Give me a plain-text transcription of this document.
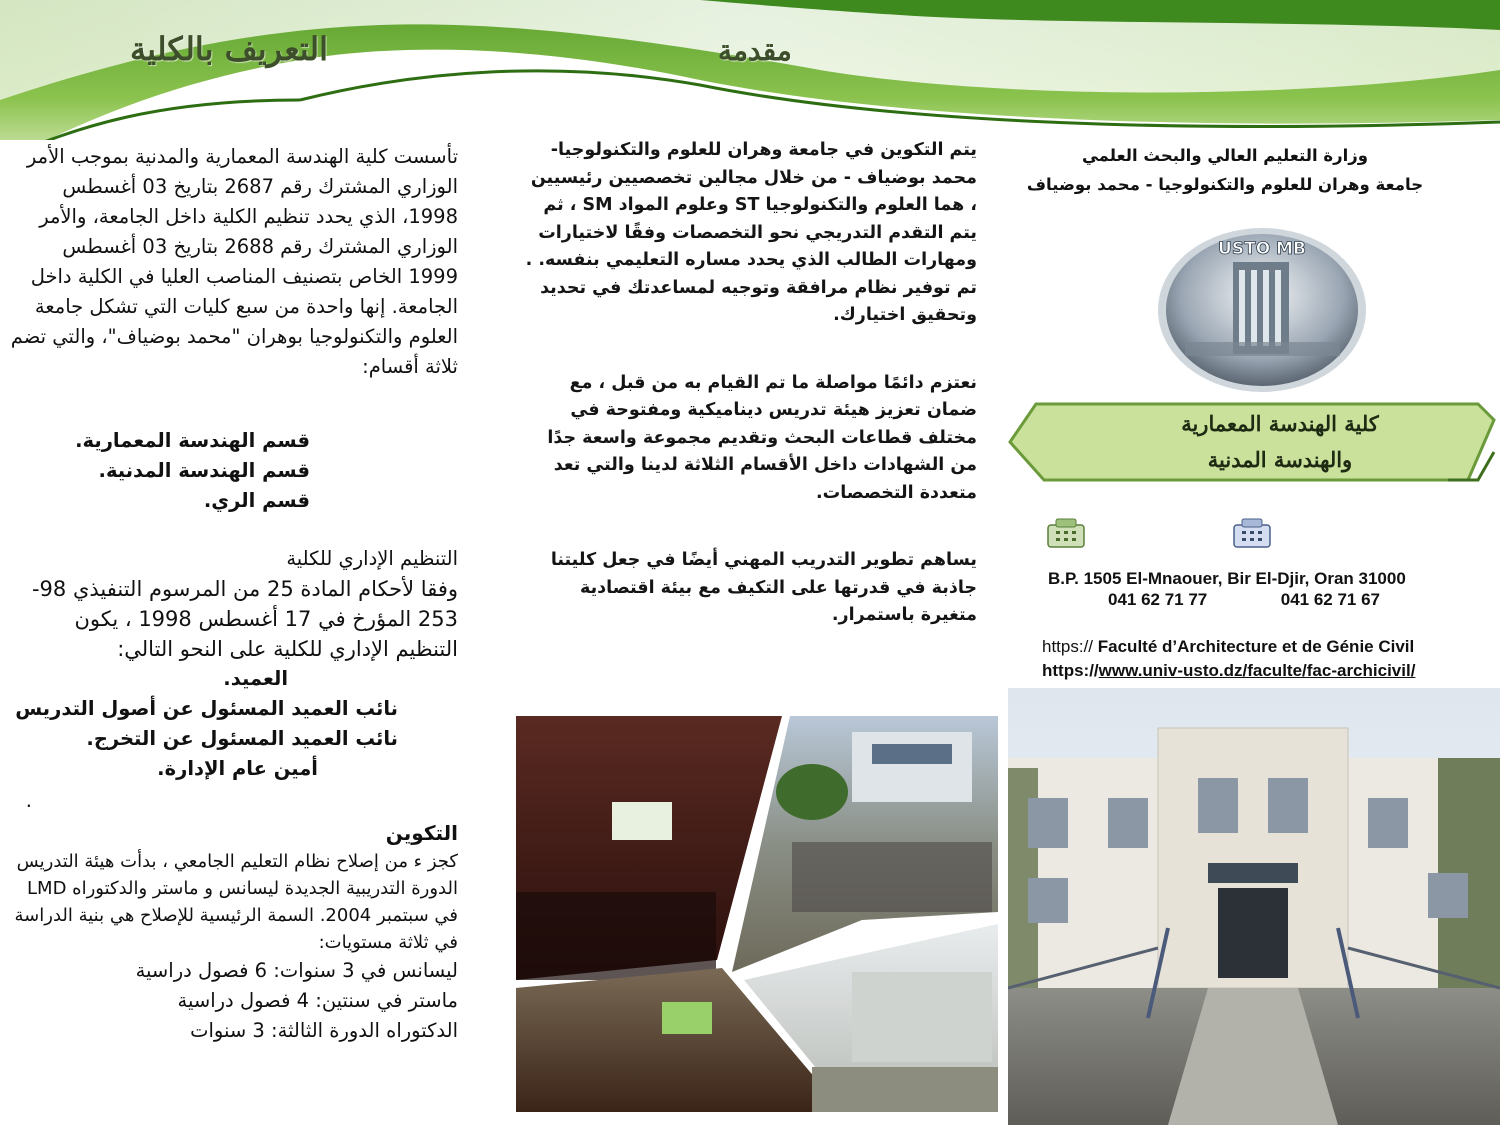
التعريف بالكلية	مقدمة

تأسست كلية الهندسة المعمارية والمدنية بموجب الأمر الوزاري المشترك رقم 2687 بتاريخ 03 أغسطس 1998، الذي يحدد تنظيم الكلية داخل الجامعة، والأمر الوزاري المشترك رقم 2688 بتاريخ 03 أغسطس 1999 الخاص بتصنيف المناصب العليا في الكلية داخل الجامعة. إنها واحدة من سبع كليات التي تشكل جامعة العلوم والتكنولوجيا بوهران "محمد بوضياف"، والتي تضم ثلاثة أقسام:

قسم الهندسة المعمارية.

قسم الهندسة المدنية.

قسم الري.

التنظيم الإداري للكلية

وفقا لأحكام المادة 25 من المرسوم التنفيذي 98-253 المؤرخ في 17 أغسطس 1998 ، يكون التنظيم الإداري للكلية على النحو التالي:

العميد.

نائب العميد المسئول عن أصول التدريس

نائب العميد المسئول عن التخرج.

أمين عام الإدارة.

.

التكوين

كجز ء من إصلاح نظام التعليم الجامعي ، بدأت هيئة التدريس الدورة التدريبية الجديدة ليسانس و ماستر والدكتوراه LMD في سبتمبر 2004. السمة الرئيسية للإصلاح هي بنية الدراسة في ثلاثة مستويات:

ليسانس في 3 سنوات: 6 فصول دراسية

ماستر في سنتين: 4 فصول دراسية

الدكتوراه الدورة الثالثة: 3 سنوات

يتم التكوين في جامعة وهران للعلوم والتكنولوجيا- محمد بوضياف - من خلال مجالين تخصصيين رئيسيين ، هما العلوم والتكنولوجيا ST وعلوم المواد SM ، ثم يتم التقدم التدريجي نحو التخصصات وفقًا لاختيارات ومهارات الطالب الذي يحدد مساره التعليمي بنفسه. . تم توفير نظام مرافقة وتوجيه لمساعدتك في تحديد وتحقيق اختيارك.

نعتزم دائمًا مواصلة ما تم القيام به من قبل ، مع ضمان تعزيز هيئة تدريس ديناميكية ومفتوحة في مختلف قطاعات البحث وتقديم مجموعة واسعة جدًا من الشهادات داخل الأقسام الثلاثة لدينا والتي تعد متعددة التخصصات.

يساهم تطوير التدريب المهني أيضًا في جعل كليتنا جاذبة في قدرتها على التكيف مع بيئة اقتصادية متغيرة باستمرار.

وزارة التعليم العالي والبحث العلمي
جامعة وهران للعلوم والتكنولوجيا - محمد بوضياف
USTO MB
كلية الهندسة المعمارية
والهندسة المدنية
B.P. 1505 El-Mnaouer, Bir El-Djir, Oran 31000
041 62 71 77	041 62 71 67
https:// Faculté d’Architecture et de Génie Civil
https://www.univ-usto.dz/faculte/fac-archicivil/
